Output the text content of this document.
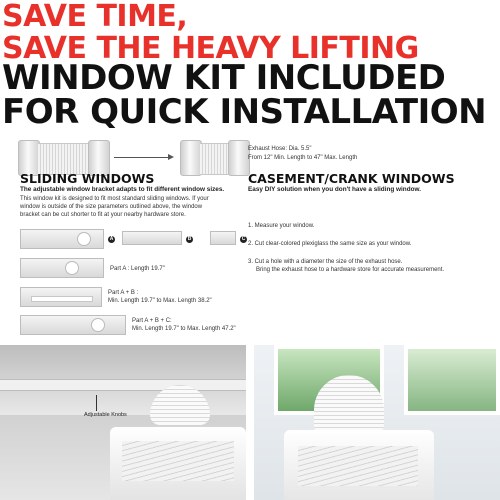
SAVE TIME,
SAVE THE HEAVY LIFTING
WINDOW KIT INCLUDED
FOR QUICK INSTALLATION
Exhaust Hose: Dia. 5.5"
From 12" Min. Length to 47" Max. Length
SLIDING WINDOWS
The adjustable window bracket adapts to fit different window sizes.
This window kit is designed to fit most standard sliding windows. If your
window is outside of the size parameters outlined above, the window
bracket can be cut shorter to fit at your nearby hardware store.
A	B	C
Part A : Length 19.7"
Part A + B :
Min. Length 19.7" to Max. Length 38.2"
Part A + B + C:
Min. Length 19.7" to Max. Length 47.2"
CASEMENT/CRANK WINDOWS
Easy DIY solution when you don't have a sliding window.
1. Measure your window.
2. Cut clear-colored plexiglass the same size as your window.
3. Cut a hole with a diameter the size of the exhaust hose.
Bring the exhaust hose to a hardware store for accurate measurement.
Adjustable Knobs
